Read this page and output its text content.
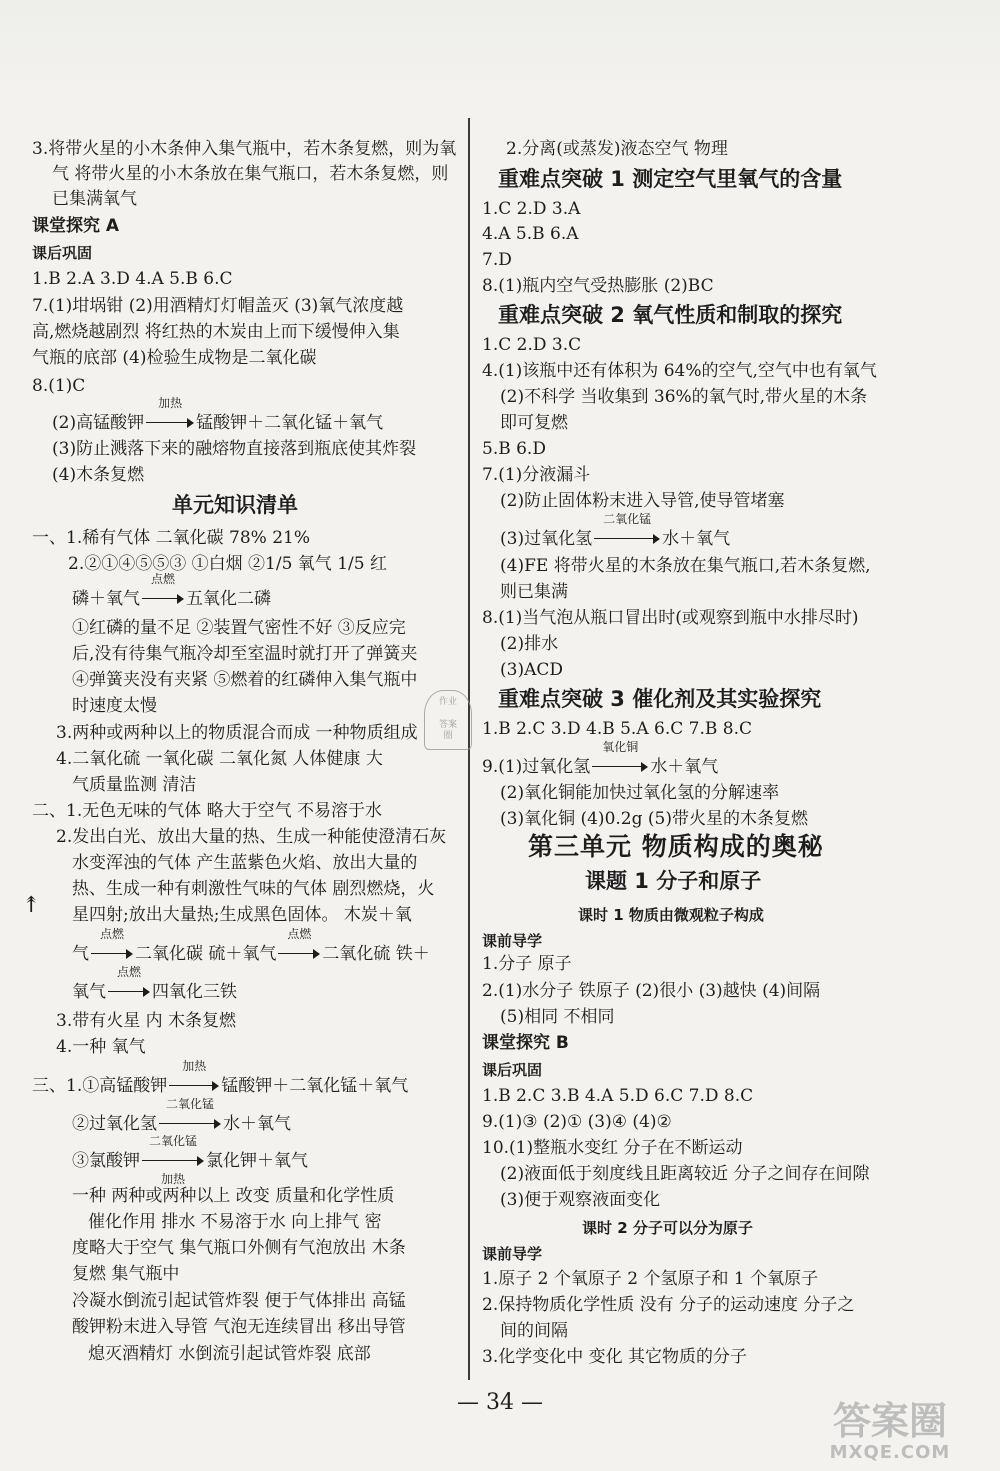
3.将带火星的小木条伸入集气瓶中，若木条复燃，则为氧
气 将带火星的小木条放在集气瓶口，若木条复燃，则
已集满氧气
课堂探究 A
课后巩固
1.B 2.A 3.D 4.A 5.B 6.C
7.(1)坩埚钳 (2)用酒精灯灯帽盖灭 (3)氧气浓度越
高,燃烧越剧烈 将红热的木炭由上而下缓慢伸入集
气瓶的底部 (4)检验生成物是二氧化碳
8.(1)C
(2)高锰酸钾
加热
锰酸钾＋二氧化锰＋氧气
(3)防止溅落下来的融熔物直接落到瓶底使其炸裂
(4)木条复燃
单元知识清单
一、1.稀有气体 二氧化碳 78% 21%
2.②①④⑤⑤③ ①白烟 ②1/5 氧气 1/5 红
磷＋氧气
点燃
五氧化二磷
①红磷的量不足 ②装置气密性不好 ③反应完
后,没有待集气瓶冷却至室温时就打开了弹簧夹
④弹簧夹没有夹紧 ⑤燃着的红磷伸入集气瓶中
时速度太慢
3.两种或两种以上的物质混合而成 一种物质组成
4.二氧化硫 一氧化碳 二氧化氮 人体健康 大
气质量监测 清洁
二、1.无色无味的气体 略大于空气 不易溶于水
2.发出白光、放出大量的热、生成一种能使澄清石灰
水变浑浊的气体 产生蓝紫色火焰、放出大量的
热、生成一种有刺激性气味的气体 剧烈燃烧，火
星四射;放出大量热;生成黑色固体。 木炭＋氧
气
点燃
二氧化碳 硫＋氧气
点燃
二氧化硫 铁＋
氧气
点燃
四氧化三铁
3.带有火星 内 木条复燃
4.一种 氧气
三、1.①高锰酸钾
加热
锰酸钾＋二氧化锰＋氧气
②过氧化氢
二氧化锰
水＋氧气
③氯酸钾
二氧化锰
加热
氯化钾＋氧气
一种 两种或两种以上 改变 质量和化学性质
催化作用 排水 不易溶于水 向上排气 密
度略大于空气 集气瓶口外侧有气泡放出 木条
复燃 集气瓶中
冷凝水倒流引起试管炸裂 便于气体排出 高锰
酸钾粉末进入导管 气泡无连续冒出 移出导管
熄灭酒精灯 水倒流引起试管炸裂 底部
↟
2.分离(或蒸发)液态空气 物理
重难点突破 1 测定空气里氧气的含量
1.C 2.D 3.A
4.A 5.B 6.A
7.D
8.(1)瓶内空气受热膨胀 (2)BC
重难点突破 2 氧气性质和制取的探究
1.C 2.D 3.C
4.(1)该瓶中还有体积为 64%的空气,空气中也有氧气
(2)不科学 当收集到 36%的氧气时,带火星的木条
即可复燃
5.B 6.D
7.(1)分液漏斗
(2)防止固体粉末进入导管,使导管堵塞
(3)过氧化氢
二氧化锰
水＋氧气
(4)FE 将带火星的木条放在集气瓶口,若木条复燃,
则已集满
8.(1)当气泡从瓶口冒出时(或观察到瓶中水排尽时)
(2)排水
(3)ACD
重难点突破 3 催化剂及其实验探究
1.B 2.C 3.D 4.B 5.A 6.C 7.B 8.C
9.(1)过氧化氢
氧化铜
水＋氧气
(2)氧化铜能加快过氧化氢的分解速率
(3)氧化铜 (4)0.2g (5)带火星的木条复燃
第三单元 物质构成的奥秘
课题 1 分子和原子
课时 1 物质由微观粒子构成
课前导学
1.分子 原子
2.(1)水分子 铁原子 (2)很小 (3)越快 (4)间隔
(5)相同 不相同
课堂探究 B
课后巩固
1.B 2.C 3.B 4.A 5.D 6.C 7.D 8.C
9.(1)③ (2)① (3)④ (4)②
10.(1)整瓶水变红 分子在不断运动
(2)液面低于刻度线且距离较近 分子之间存在间隙
(3)便于观察液面变化
课时 2 分子可以分为原子
课前导学
1.原子 2 个氧原子 2 个氢原子和 1 个氧原子
2.保持物质化学性质 没有 分子的运动速度 分子之
间的间隔
3.化学变化中 变化 其它物质的分子
作业
答案
圈
— 34 —	答案圈
MXQE.COM
